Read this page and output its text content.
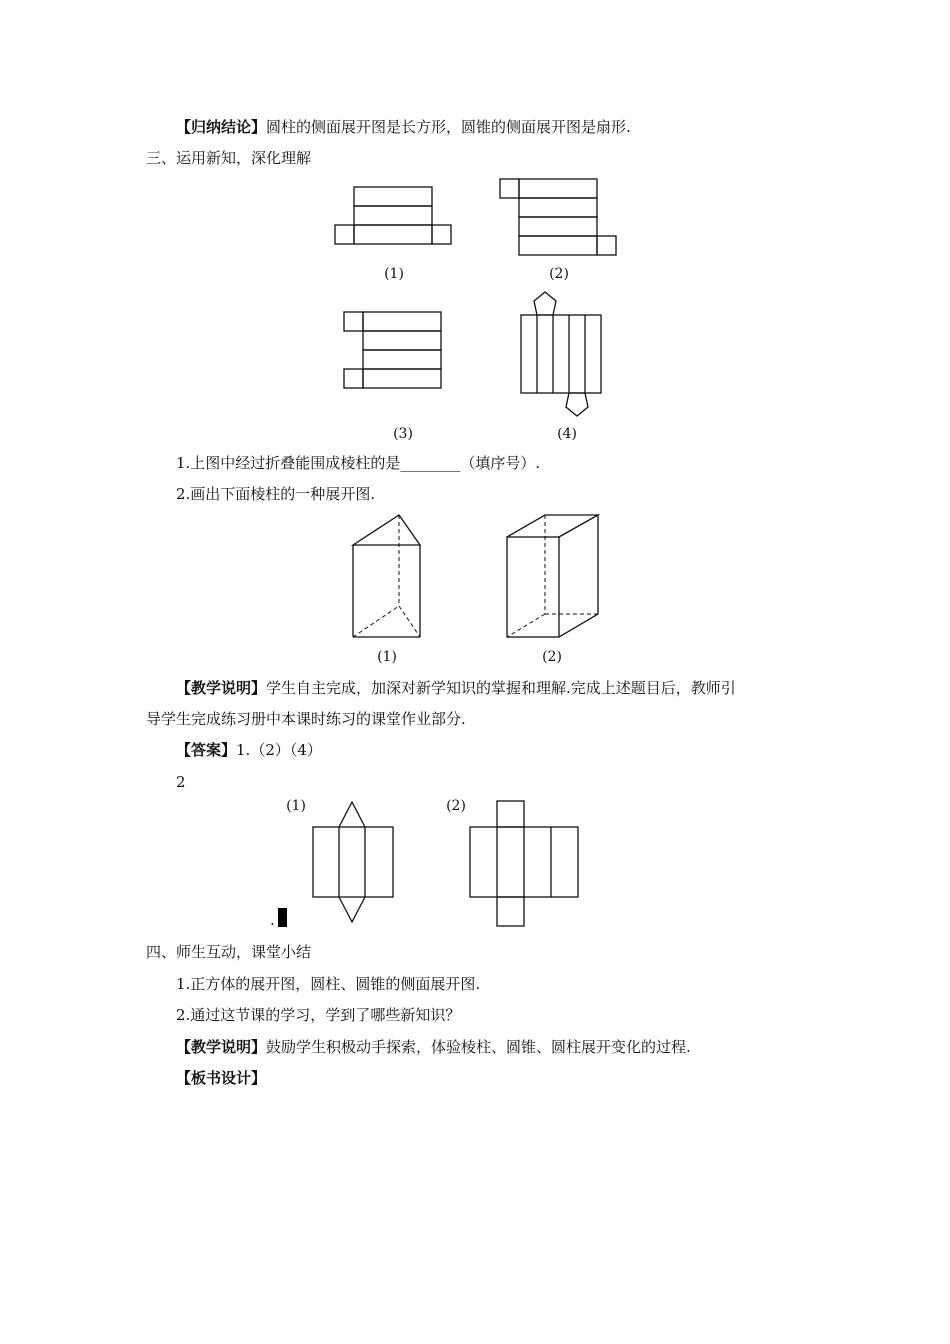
【归纳结论】圆柱的侧面展开图是长方形，圆锥的侧面展开图是扇形.
三、运用新知，深化理解
(1)	(2)
(3)	(4)
1.上图中经过折叠能围成棱柱的是________（填序号）.
2.画出下面棱柱的一种展开图.
(1)	(2)
【教学说明】学生自主完成，加深对新学知识的掌握和理解.完成上述题目后，教师引
导学生完成练习册中本课时练习的课堂作业部分.
【答案】1.（2）（4）
2
(1)	(2)
.
四、师生互动，课堂小结
1.正方体的展开图，圆柱、圆锥的侧面展开图.
2.通过这节课的学习，学到了哪些新知识？
【教学说明】鼓励学生积极动手探索，体验棱柱、圆锥、圆柱展开变化的过程.
【板书设计】
